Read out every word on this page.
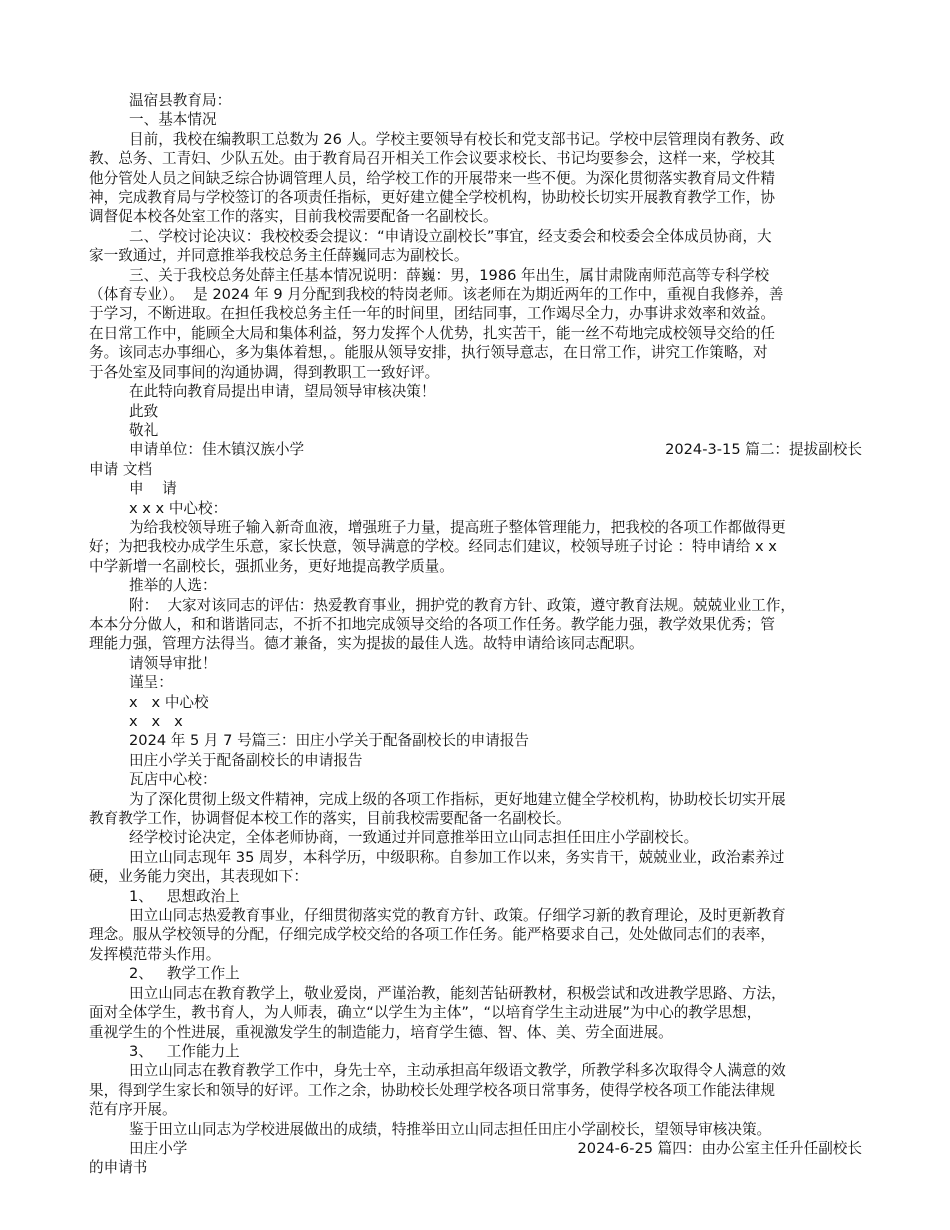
温宿县教育局：
一、基本情况
目前，我校在编教职工总数为 26 人。学校主要领导有校长和党支部书记。学校中层管理岗有教务、政
教、总务、工青妇、少队五处。由于教育局召开相关工作会议要求校长、书记均要参会，这样一来，学校其
他分管处人员之间缺乏综合协调管理人员，给学校工作的开展带来一些不便。为深化贯彻落实教育局文件精
神，完成教育局与学校签订的各项责任指标，更好建立健全学校机构，协助校长切实开展教育教学工作，协
调督促本校各处室工作的落实，目前我校需要配备一名副校长。
二、学校讨论决议：我校校委会提议：“申请设立副校长”事宜，经支委会和校委会全体成员协商，大
家一致通过，并同意推举我校总务主任薛巍同志为副校长。
三、关于我校总务处薛主任基本情况说明：薛巍：男，1986 年出生，属甘肃陇南师范高等专科学校
（体育专业）。  是 2024 年 9 月分配到我校的特岗老师。该老师在为期近两年的工作中，重视自我修养，善
于学习，不断进取。在担任我校总务主任一年的时间里，团结同事，工作竭尽全力，办事讲求效率和效益。
在日常工作中，能顾全大局和集体利益，努力发挥个人优势，扎实苦干，能一丝不苟地完成校领导交给的任
务。该同志办事细心，多为集体着想，。能服从领导安排，执行领导意志，在日常工作，讲究工作策略，对
于各处室及同事间的沟通协调，得到教职工一致好评。
在此特向教育局提出申请，望局领导审核决策！
此致
敬礼
申请单位：佳木镇汉族小学	2024-3-15 篇二：提拔副校长
申请 文档
申    请
x x x 中心校：
为给我校领导班子输入新奇血液，增强班子力量，提高班子整体管理能力，把我校的各项工作都做得更
好；为把我校办成学生乐意，家长快意，领导满意的学校。经同志们建议，校领导班子讨论 ：特申请给 x x
中学新增一名副校长，强抓业务，更好地提高教学质量。
推举的人选：
附：  大家对该同志的评估：热爱教育事业，拥护党的教育方针、政策，遵守教育法规。兢兢业业工作，
本本分分做人，和和谐谐同志，不折不扣地完成领导交给的各项工作任务。教学能力强，教学效果优秀；管
理能力强，管理方法得当。德才兼备，实为提拔的最佳人选。故特申请给该同志配职。
请领导审批！
谨呈：
x   x 中心校
x   x   x
2024 年 5 月 7 号篇三：田庄小学关于配备副校长的申请报告
田庄小学关于配备副校长的申请报告
瓦店中心校：
为了深化贯彻上级文件精神，完成上级的各项工作指标，更好地建立健全学校机构，协助校长切实开展
教育教学工作，协调督促本校工作的落实，目前我校需要配备一名副校长。
经学校讨论决定，全体老师协商，一致通过并同意推举田立山同志担任田庄小学副校长。
田立山同志现年 35 周岁，本科学历，中级职称。自参加工作以来，务实肯干，兢兢业业，政治素养过
硬，业务能力突出，其表现如下：
1、   思想政治上
田立山同志热爱教育事业，仔细贯彻落实党的教育方针、政策。仔细学习新的教育理论，及时更新教育
理念。服从学校领导的分配，仔细完成学校交给的各项工作任务。能严格要求自己，处处做同志们的表率，
发挥模范带头作用。
2、   教学工作上
田立山同志在教育教学上，敬业爱岗，严谨治教，能刻苦钻研教材，积极尝试和改进教学思路、方法，
面对全体学生，教书育人，为人师表，确立“以学生为主体”，“以培育学生主动进展”为中心的教学思想，
重视学生的个性进展，重视激发学生的制造能力，培育学生德、智、体、美、劳全面进展。
3、   工作能力上
田立山同志在教育教学工作中，身先士卒，主动承担高年级语文教学，所教学科多次取得令人满意的效
果，得到学生家长和领导的好评。工作之余，协助校长处理学校各项日常事务，使得学校各项工作能法律规
范有序开展。
鉴于田立山同志为学校进展做出的成绩，特推举田立山同志担任田庄小学副校长，望领导审核决策。
田庄小学	2024-6-25 篇四：由办公室主任升任副校长
的申请书
